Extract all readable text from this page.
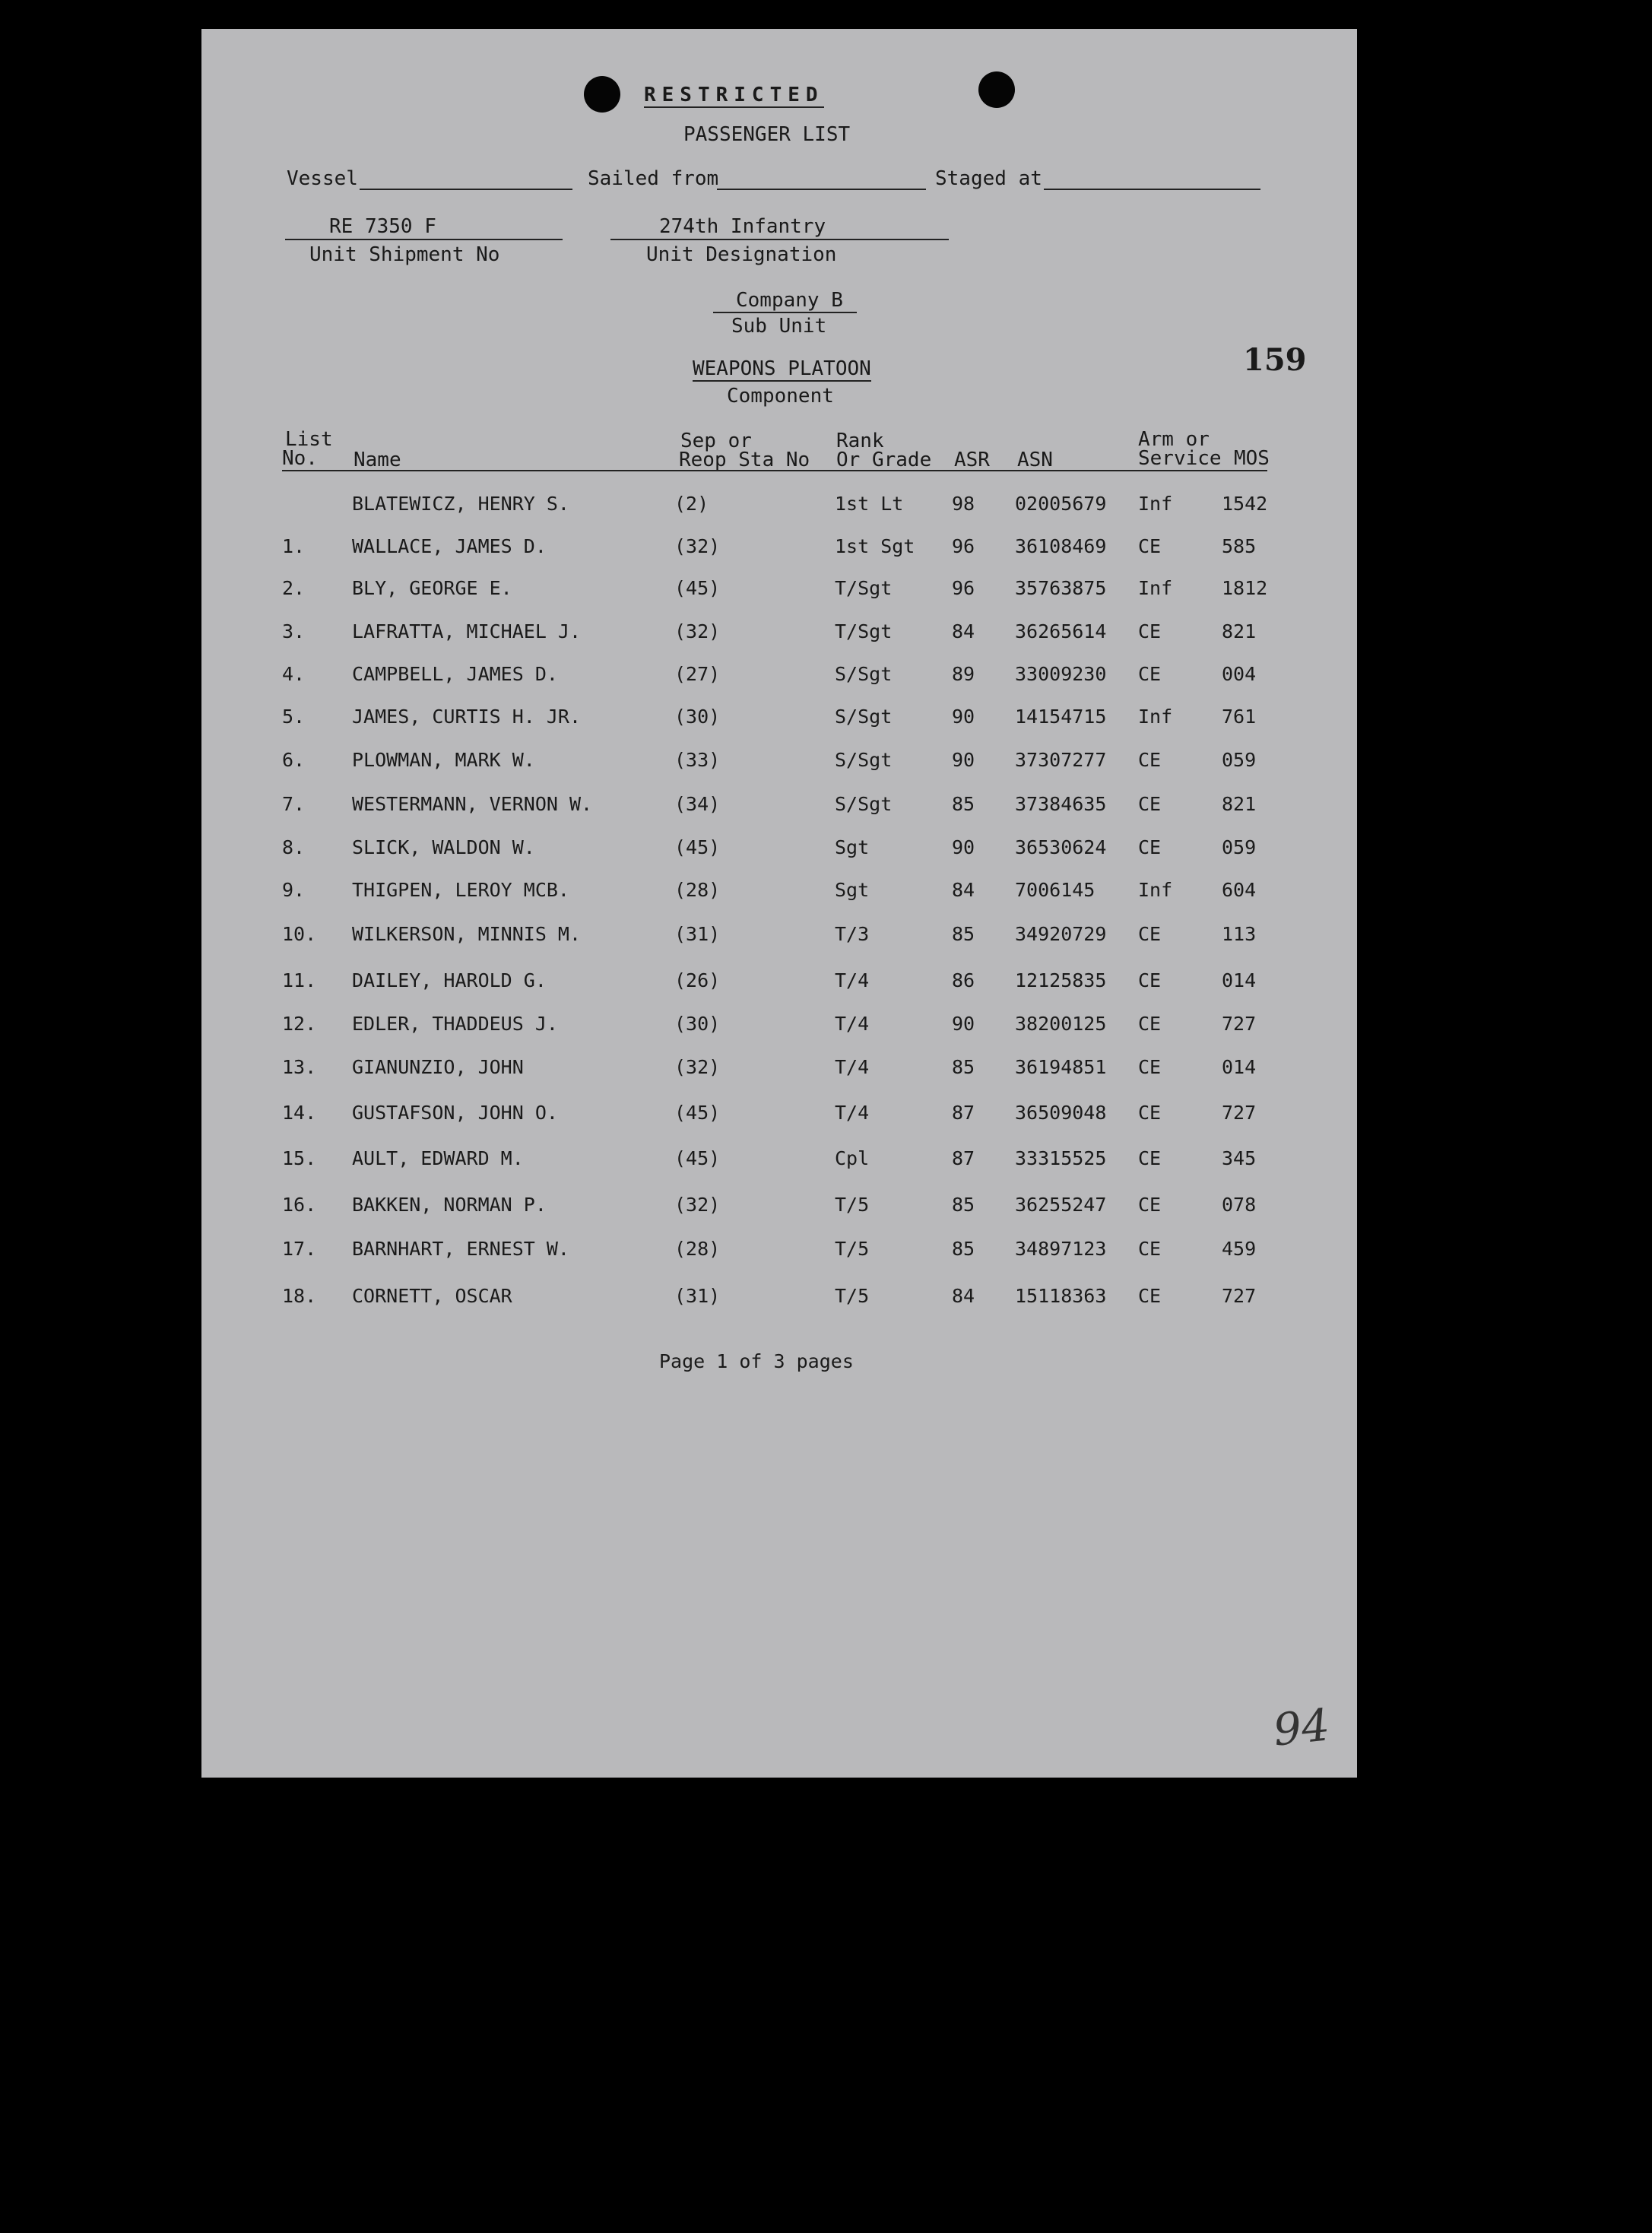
RESTRICTED
PASSENGER LIST
Vessel	Sailed from	Staged at
RE 7350 F
Unit Shipment No
274th Infantry
Unit Designation
Company B
Sub Unit
WEAPONS PLATOON
Component
159
List
No. Name
Sep or
Reop Sta No
Rank
Or Grade ASR ASN
Arm or
Service MOS
BLATEWICZ, HENRY S.	(2)	1st Lt	98 02005679 Inf	1542
1. WALLACE, JAMES D.	(32)	1st Sgt 96 36108469 CE	585
2. BLY, GEORGE E.	(45)	T/Sgt	96 35763875 Inf	1812
3. LAFRATTA, MICHAEL J.	(32)	T/Sgt	84 36265614 CE	821
4. CAMPBELL, JAMES D.	(27)	S/Sgt	89 33009230 CE	004
5. JAMES, CURTIS H. JR.	(30)	S/Sgt	90 14154715 Inf	761
6. PLOWMAN, MARK W.	(33)	S/Sgt	90 37307277 CE	059
7. WESTERMANN, VERNON W.	(34)	S/Sgt	85 37384635 CE	821
8. SLICK, WALDON W.	(45)	Sgt	90 36530624 CE	059
9. THIGPEN, LEROY MCB.	(28)	Sgt	84 7006145 Inf	604
10. WILKERSON, MINNIS M.	(31)	T/3	85 34920729 CE	113
11. DAILEY, HAROLD G.	(26)	T/4	86 12125835 CE	014
12. EDLER, THADDEUS J.	(30)	T/4	90 38200125 CE	727
13. GIANUNZIO, JOHN	(32)	T/4	85 36194851 CE	014
14. GUSTAFSON, JOHN O.	(45)	T/4	87 36509048 CE	727
15. AULT, EDWARD M.	(45)	Cpl	87 33315525 CE	345
16. BAKKEN, NORMAN P.	(32)	T/5	85 36255247 CE	078
17. BARNHART, ERNEST W.	(28)	T/5	85 34897123 CE	459
18. CORNETT, OSCAR	(31)	T/5	84 15118363 CE	727
Page 1 of 3 pages
94
